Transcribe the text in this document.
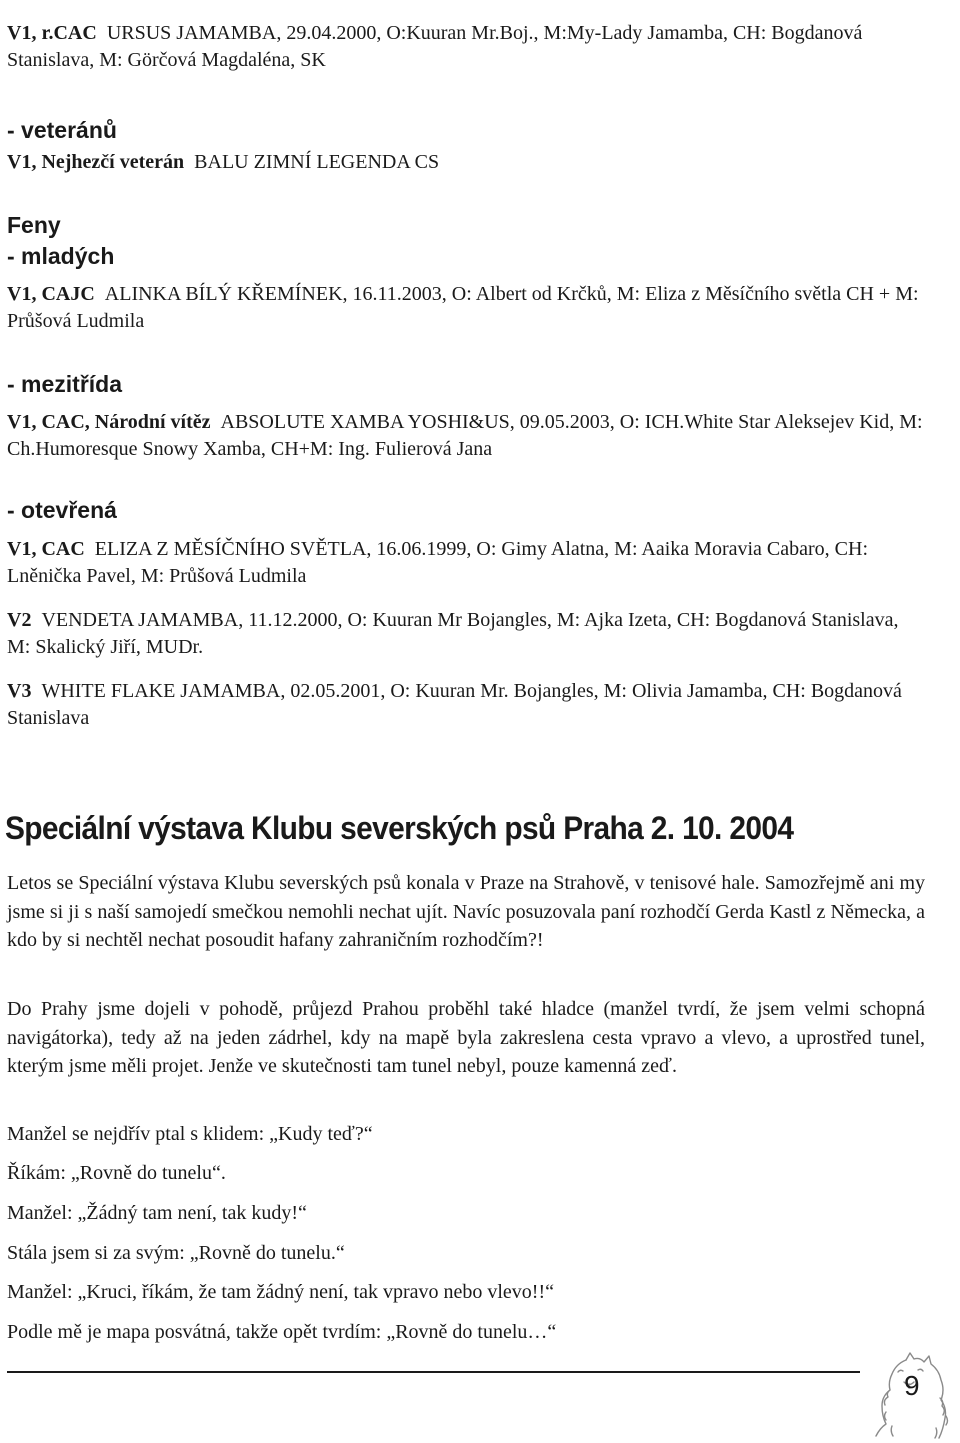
V1, r.CAC URSUS JAMAMBA, 29.04.2000, O:Kuuran Mr.Boj., M:My-Lady Jamamba, CH: Bogdanová Stanislava, M: Görčová Magdaléna, SK
- veteránů
V1, Nejhezčí veterán BALU ZIMNÍ LEGENDA CS
Feny
- mladých
V1, CAJC ALINKA BÍLÝ KŘEMÍNEK, 16.11.2003, O: Albert od Krčků, M: Eliza z Měsíčního světla CH + M: Průšová Ludmila
- mezitřída
V1, CAC, Národní vítěz ABSOLUTE XAMBA YOSHI&US, 09.05.2003, O: ICH.White Star Aleksejev Kid, M: Ch.Humoresque Snowy Xamba, CH+M: Ing. Fulierová Jana
- otevřená
V1, CAC ELIZA Z MĚSÍČNÍHO SVĚTLA, 16.06.1999, O: Gimy Alatna, M: Aaika Moravia Cabaro, CH: Lněnička Pavel, M: Průšová Ludmila
V2 VENDETA JAMAMBA, 11.12.2000, O: Kuuran Mr Bojangles, M: Ajka Izeta, CH: Bogdanová Stanislava, M: Skalický Jiří, MUDr.
V3 WHITE FLAKE JAMAMBA, 02.05.2001, O: Kuuran Mr. Bojangles, M: Olivia Jamamba, CH: Bogdanová Stanislava
Speciální výstava Klubu severských psů Praha 2. 10. 2004
Letos se Speciální výstava Klubu severských psů konala v Praze na Strahově, v tenisové hale. Samozřejmě ani my jsme si ji s naší samojedí smečkou nemohli nechat ujít. Navíc posuzovala paní rozhodčí Gerda Kastl z Německa, a kdo by si nechtěl nechat posoudit hafany zahraničním rozhodčím?!
Do Prahy jsme dojeli v pohodě, průjezd Prahou proběhl také hladce (manžel tvrdí, že jsem velmi schopná navigátorka), tedy až na jeden zádrhel, kdy na mapě byla zakreslena cesta vpravo a vlevo, a uprostřed tunel, kterým jsme měli projet. Jenže ve skutečnosti tam tunel nebyl, pouze kamenná zeď.
Manžel se nejdřív ptal s klidem: „Kudy teď?“
Říkám: „Rovně do tunelu“.
Manžel: „Žádný tam není, tak kudy!“
Stála jsem si za svým: „Rovně do tunelu.“
Manžel: „Kruci, říkám, že tam žádný není, tak vpravo nebo vlevo!!“
Podle mě je mapa posvátná, takže opět tvrdím: „Rovně do tunelu…“
9
